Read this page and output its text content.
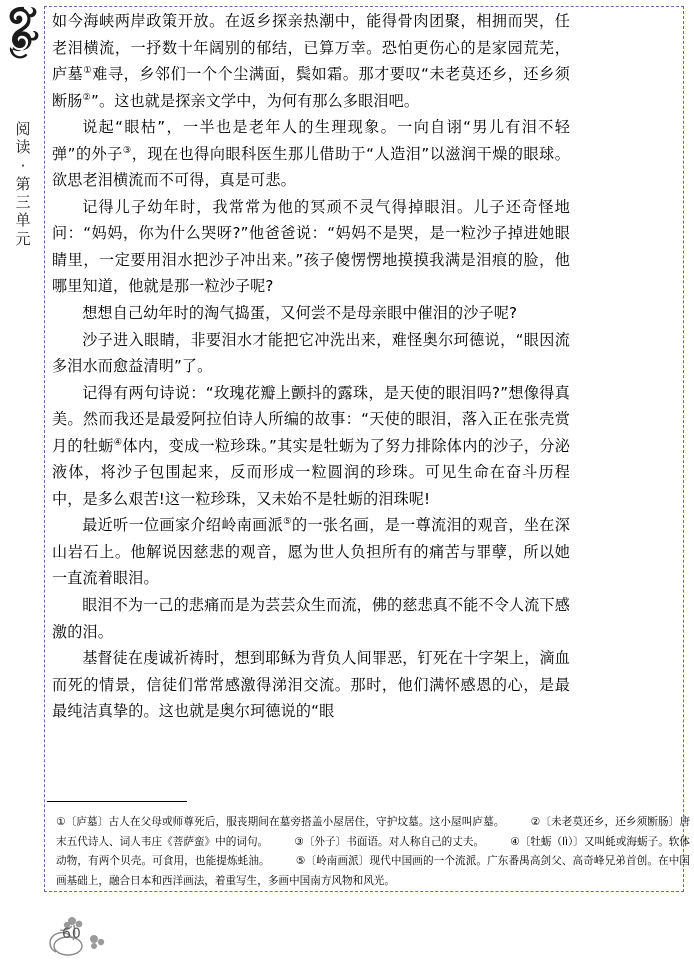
阅
读
·
第
三
单
元

如今海峡两岸政策开放。在返乡探亲热潮中，能得骨肉团聚，相拥而哭，任老泪横流，一抒数十年阔别的郁结，已算万幸。恐怕更伤心的是家园荒芜，庐墓①难寻，乡邻们一个个尘满面，鬓如霜。那才要叹“未老莫还乡，还乡须断肠②”。这也就是探亲文学中，为何有那么多眼泪吧。

说起“眼枯”，一半也是老年人的生理现象。一向自诩“男儿有泪不轻弹”的外子③，现在也得向眼科医生那儿借助于“人造泪”以滋润干燥的眼球。欲思老泪横流而不可得，真是可悲。

记得儿子幼年时，我常常为他的冥顽不灵气得掉眼泪。儿子还奇怪地问：“妈妈，你为什么哭呀?”他爸爸说：“妈妈不是哭，是一粒沙子掉进她眼睛里，一定要用泪水把沙子冲出来。”孩子傻愣愣地摸摸我满是泪痕的脸，他哪里知道，他就是那一粒沙子呢?

想想自己幼年时的淘气捣蛋，又何尝不是母亲眼中催泪的沙子呢?

沙子进入眼睛，非要泪水才能把它冲洗出来，难怪奥尔珂德说，“眼因流多泪水而愈益清明”了。

记得有两句诗说：“玫瑰花瓣上颤抖的露珠，是天使的眼泪吗?”想像得真美。然而我还是最爱阿拉伯诗人所编的故事：“天使的眼泪，落入正在张壳赏月的牡蛎④体内，变成一粒珍珠。”其实是牡蛎为了努力排除体内的沙子，分泌液体，将沙子包围起来，反而形成一粒圆润的珍珠。可见生命在奋斗历程中，是多么艰苦!这一粒珍珠，又未始不是牡蛎的泪珠呢!

最近听一位画家介绍岭南画派⑤的一张名画，是一尊流泪的观音，坐在深山岩石上。他解说因慈悲的观音，愿为世人负担所有的痛苦与罪孽，所以她一直流着眼泪。

眼泪不为一己的悲痛而是为芸芸众生而流，佛的慈悲真不能不令人流下感激的泪。

基督徒在虔诚祈祷时，想到耶稣为背负人间罪恶，钉死在十字架上，滴血而死的情景，信徒们常常感激得涕泪交流。那时，他们满怀感恩的心，是最最纯洁真挚的。这也就是奥尔珂德说的“眼

①〔庐墓〕古人在父母或师尊死后，服丧期间在墓旁搭盖小屋居住，守护坟墓。这小屋叫庐墓。 ②〔未老莫还乡，还乡须断肠〕唐末五代诗人、词人韦庄《菩萨蛮》中的词句。 ③〔外子〕书面语。对人称自己的丈夫。 ④〔牡蛎（lì）〕又叫蚝或海蛎子。软体动物，有两个贝壳。可食用，也能提炼蚝油。 ⑤〔岭南画派〕现代中国画的一个流派。广东番禺高剑父、高奇峰兄弟首创。在中国画基础上，融合日本和西洋画法，着重写生，多画中国南方风物和风光。
60
